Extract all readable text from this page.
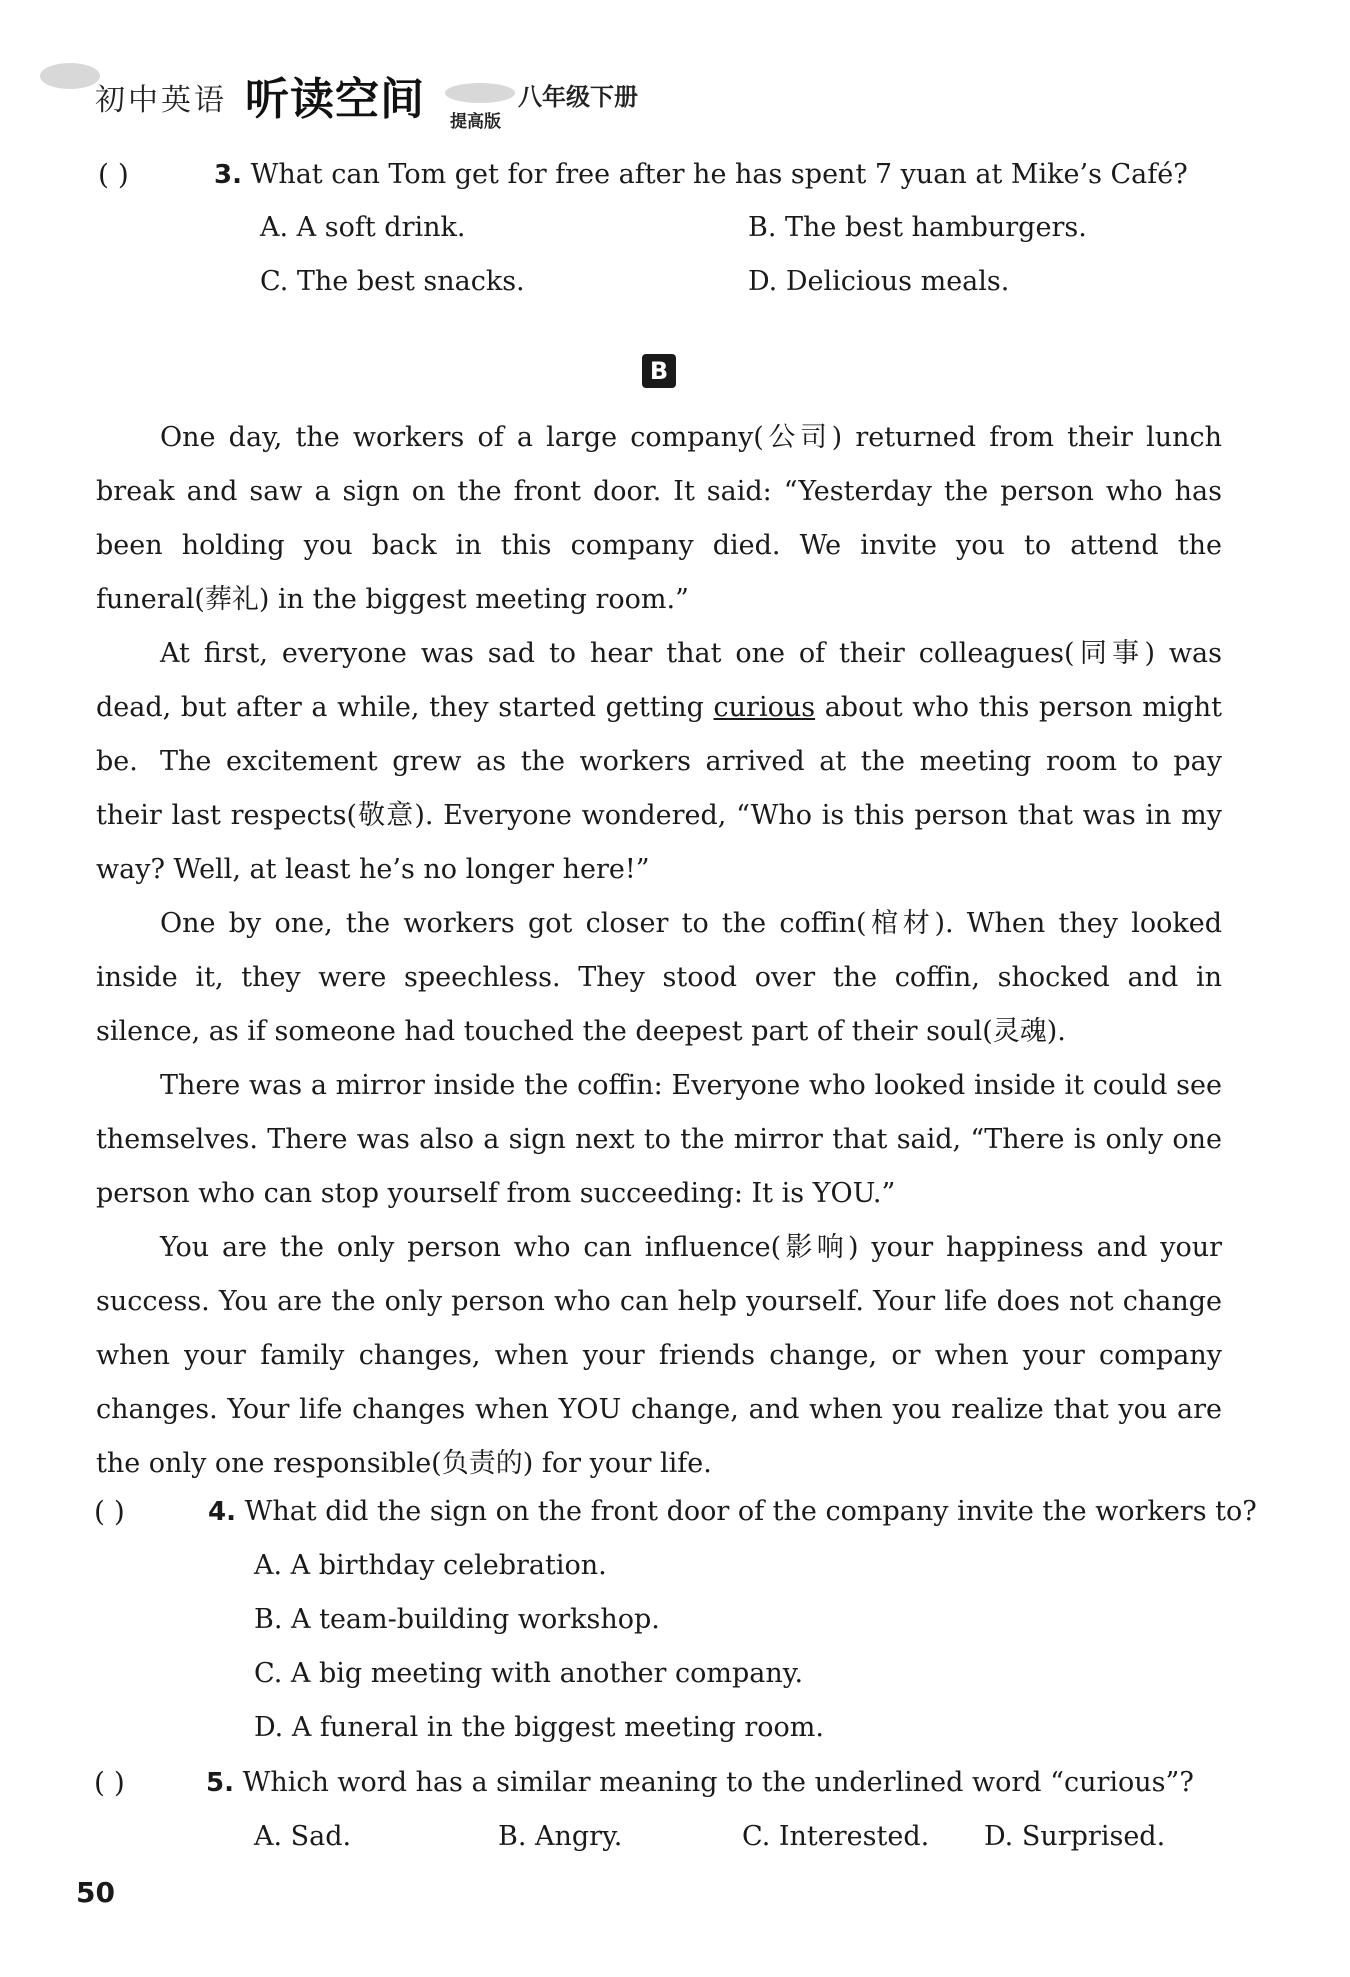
初中英语 听读空间 提高版
八年级下册
( )	3. What can Tom get for free after he has spent 7 yuan at Mike’s Café?
A. A soft drink.	B. The best hamburgers.
C. The best snacks.	D. Delicious meals.
B
One day, the workers of a large company(公司) returned from their lunch break and saw a sign on the front door. It said: “Yesterday the person who has been holding you back in this company died. We invite you to attend the funeral(葬礼) in the biggest meeting room.”
At first, everyone was sad to hear that one of their colleagues(同事) was dead, but after a while, they started getting curious about who this person might be. The excitement grew as the workers arrived at the meeting room to pay their last respects(敬意). Everyone wondered, “Who is this person that was in my way? Well, at least he’s no longer here!”
One by one, the workers got closer to the coffin(棺材). When they looked inside it, they were speechless. They stood over the coffin, shocked and in silence, as if someone had touched the deepest part of their soul(灵魂).
There was a mirror inside the coffin: Everyone who looked inside it could see themselves. There was also a sign next to the mirror that said, “There is only one person who can stop yourself from succeeding: It is YOU.”
You are the only person who can influence(影响) your happiness and your success. You are the only person who can help yourself. Your life does not change when your family changes, when your friends change, or when your company changes. Your life changes when YOU change, and when you realize that you are the only one responsible(负责的) for your life.
( )	4. What did the sign on the front door of the company invite the workers to?
A. A birthday celebration.
B. A team-building workshop.
C. A big meeting with another company.
D. A funeral in the biggest meeting room.
( )	5. Which word has a similar meaning to the underlined word “curious”?
A. Sad.	B. Angry.	C. Interested. D. Surprised.
50
